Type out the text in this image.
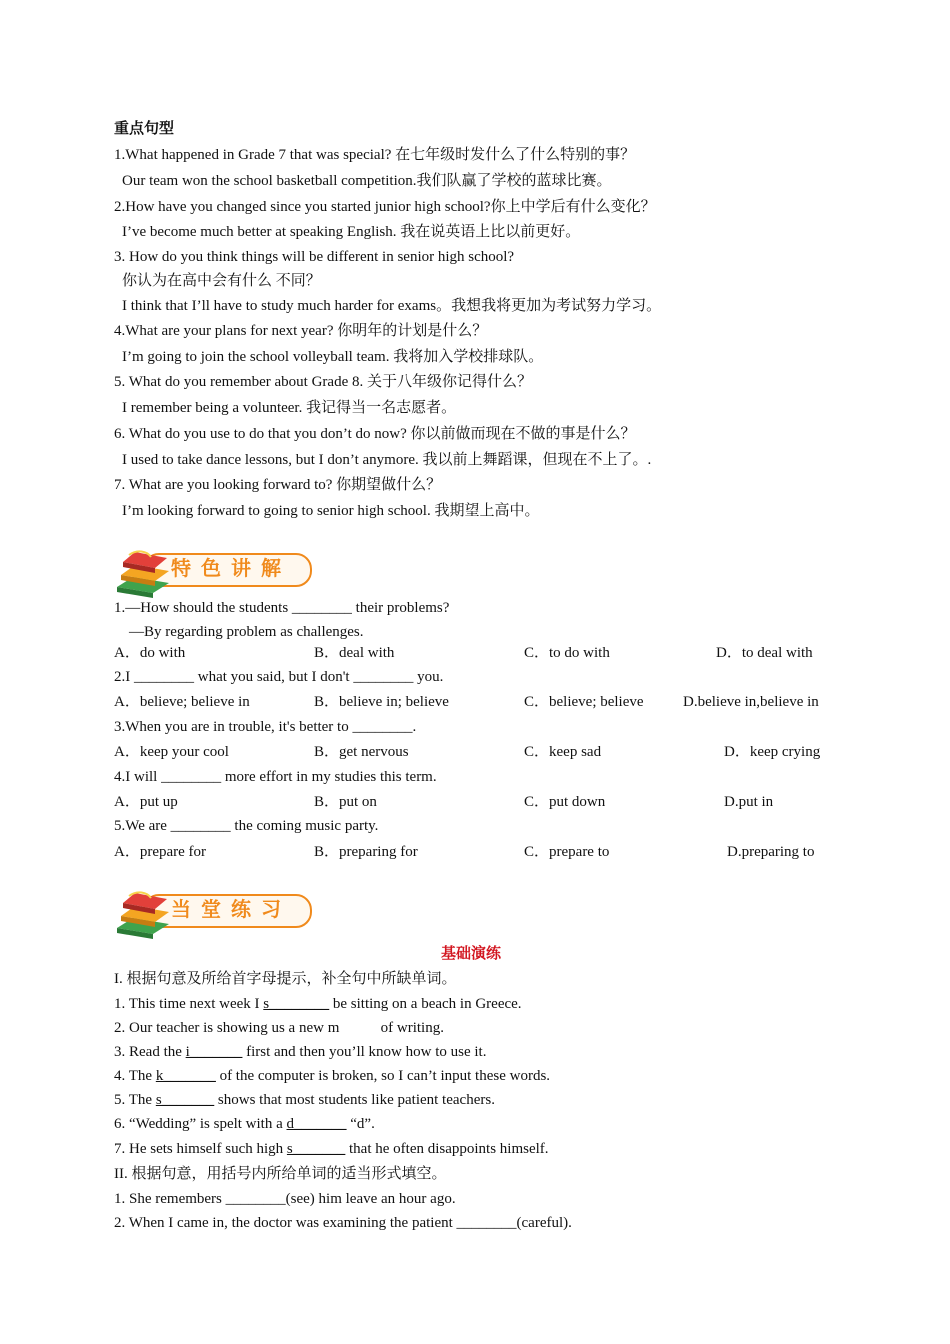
重点句型
1.What happened in Grade 7 that was special? 在七年级时发什么了什么特别的事？
Our team won the school basketball competition.我们队赢了学校的蓝球比赛。
2.How have you changed since you started junior high school?你上中学后有什么变化？
I’ve become much better at speaking English. 我在说英语上比以前更好。
3. How do you think things will be different in senior high school?
你认为在高中会有什么 不同？
I think that I’ll have to study much harder for exams。我想我将更加为考试努力学习。
4.What are your plans for next year? 你明年的计划是什么？
I’m going to join the school volleyball team. 我将加入学校排球队。
5. What do you remember about Grade 8. 关于八年级你记得什么？
I remember being a volunteer. 我记得当一名志愿者。
6. What do you use to do that you don’t do now? 你以前做而现在不做的事是什么？
I used to take dance lessons, but I don’t anymore. 我以前上舞蹈课，但现在不上了。.
7. What are you looking forward to? 你期望做什么？
I’m looking forward to going to senior high school. 我期望上高中。
特色讲解
1.—How should the students ________ their problems?
—By regarding problem as challenges.
A．do with	B．deal with	C．to do with	D．to deal with
2.I ________ what you said, but I don't ________ you.
A．believe; believe in	B．believe in; believe	C．believe; believe	D.believe in,believe in
3.When you are in trouble, it's better to ________.
A．keep your cool	B．get nervous	C．keep sad	D．keep crying
4.I will ________ more effort in my studies this term.
A．put up	B．put on	C．put down	D.put in
5.We are ________ the coming music party.
A．prepare for	B．preparing for	C．prepare to	D.preparing to
当堂练习
基础演练
I. 根据句意及所给首字母提示，补全句中所缺单词。
1. This time next week I s________ be sitting on a beach in Greece.
2. Our teacher is showing us a new m	of writing.
3. Read the i_______ first and then you’ll know how to use it.
4. The k_______ of the computer is broken, so I can’t input these words.
5. The s_______ shows that most students like patient teachers.
6. “Wedding” is spelt with a d_______ “d”.
7. He sets himself such high s_______ that he often disappoints himself.
II. 根据句意，用括号内所给单词的适当形式填空。
1. She remembers ________(see) him leave an hour ago.
2. When I came in, the doctor was examining the patient ________(careful).
